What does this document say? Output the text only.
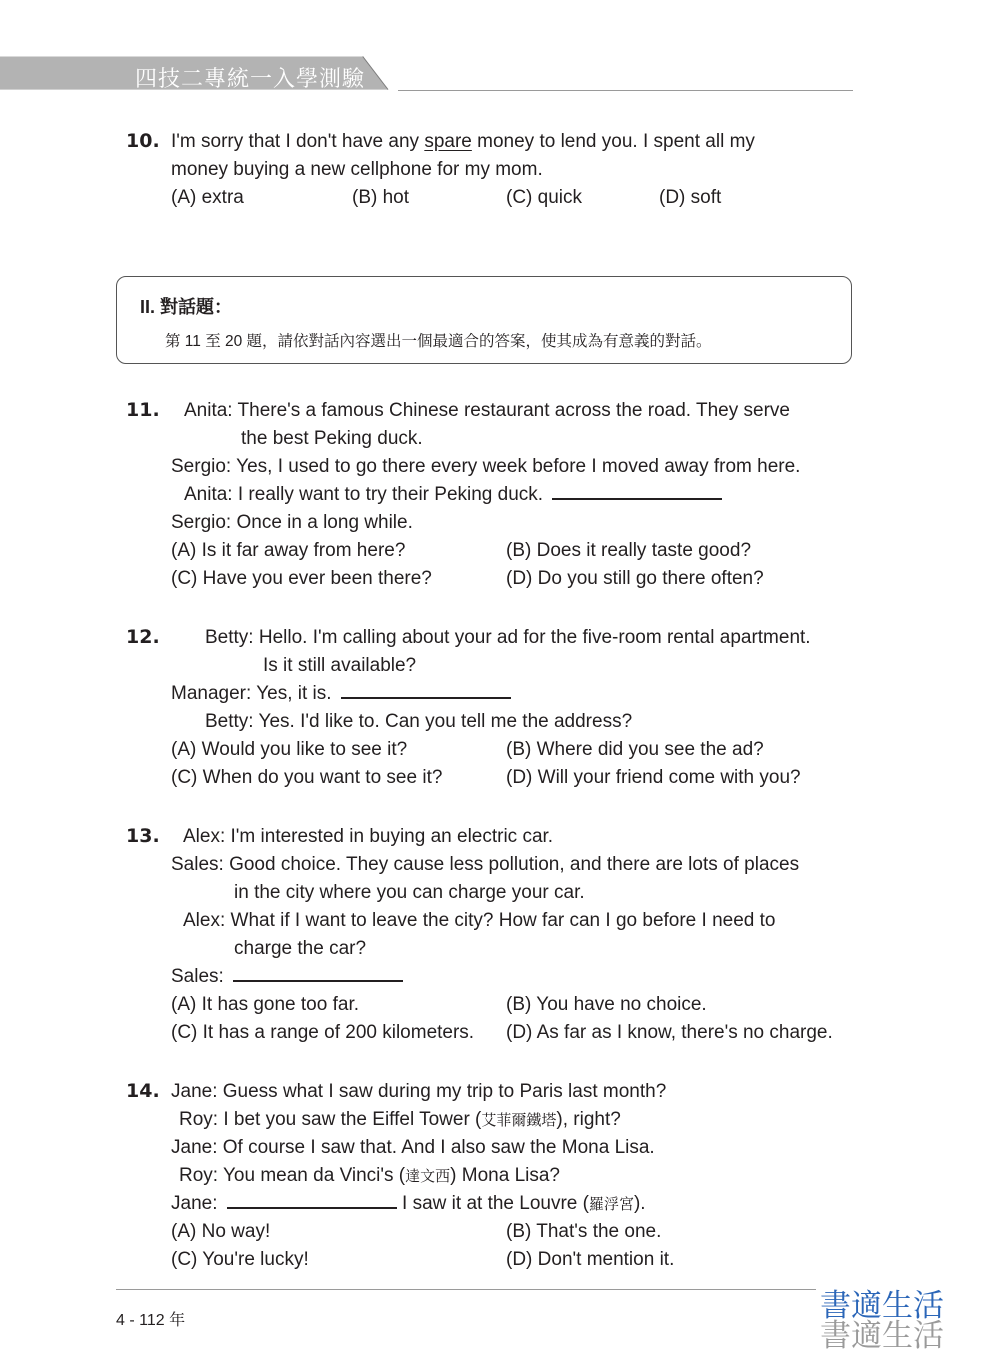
四技二專統一入學測驗
10. I'm sorry that I don't have any spare money to lend you. I spent all my
money buying a new cellphone for my mom.
(A) extra	(B) hot	(C) quick	(D) soft
II. 對話題：
第 11 至 20 題，請依對話內容選出一個最適合的答案，使其成為有意義的對話。
11. Anita: There's a famous Chinese restaurant across the road. They serve
the best Peking duck.
Sergio: Yes, I used to go there every week before I moved away from here.
Anita: I really want to try their Peking duck.
Sergio: Once in a long while.
(A) Is it far away from here?	(B) Does it really taste good?
(C) Have you ever been there?	(D) Do you still go there often?
12. Betty: Hello. I'm calling about your ad for the five-room rental apartment.
Is it still available?
Manager: Yes, it is.
Betty: Yes. I'd like to. Can you tell me the address?
(A) Would you like to see it?	(B) Where did you see the ad?
(C) When do you want to see it?	(D) Will your friend come with you?
13. Alex: I'm interested in buying an electric car.
Sales: Good choice. They cause less pollution, and there are lots of places
in the city where you can charge your car.
Alex: What if I want to leave the city? How far can I go before I need to
charge the car?
Sales:
(A) It has gone too far.	(B) You have no choice.
(C) It has a range of 200 kilometers. (D) As far as I know, there's no charge.
14. Jane: Guess what I saw during my trip to Paris last month?
Roy: I bet you saw the Eiffel Tower (艾菲爾鐵塔), right?
Jane: Of course I saw that. And I also saw the Mona Lisa.
Roy: You mean da Vinci's (達文西) Mona Lisa?
Jane:	I saw it at the Louvre (羅浮宮).
(A) No way!	(B) That's the one.
(C) You're lucky!	(D) Don't mention it.
4 - 112 年	書適生活
書適生活
